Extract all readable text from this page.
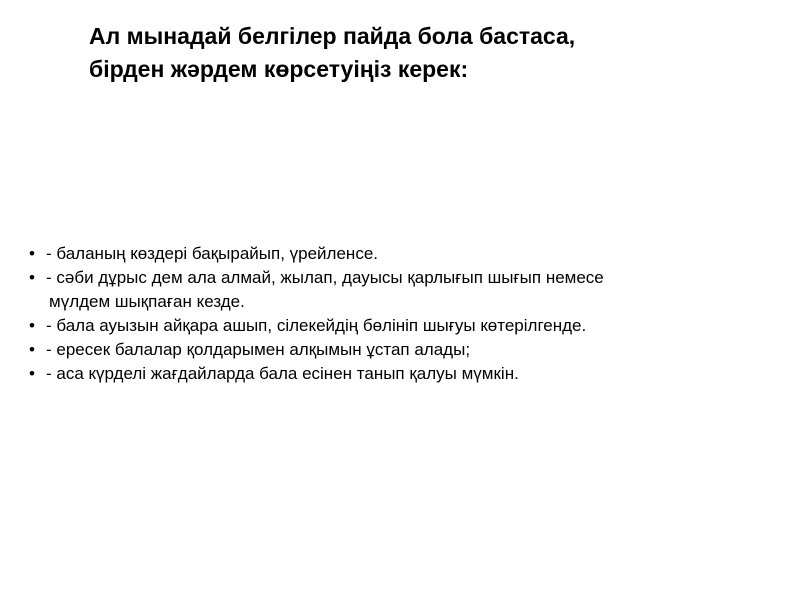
Ал мынадай белгілер пайда бола бастаса,
бірден жәрдем көрсетуіңіз керек:
• - баланың көздері бақырайып, үрейленсе.
• - сәби дұрыс дем ала алмай, жылап, дауысы қарлығып шығып немесе
мүлдем шықпаған кезде.
• - бала ауызын айқара ашып, сілекейдің бөлініп шығуы көтерілгенде.
• - ересек балалар қолдарымен алқымын ұстап алады;
• - аса күрделі жағдайларда бала есінен танып қалуы мүмкін.
